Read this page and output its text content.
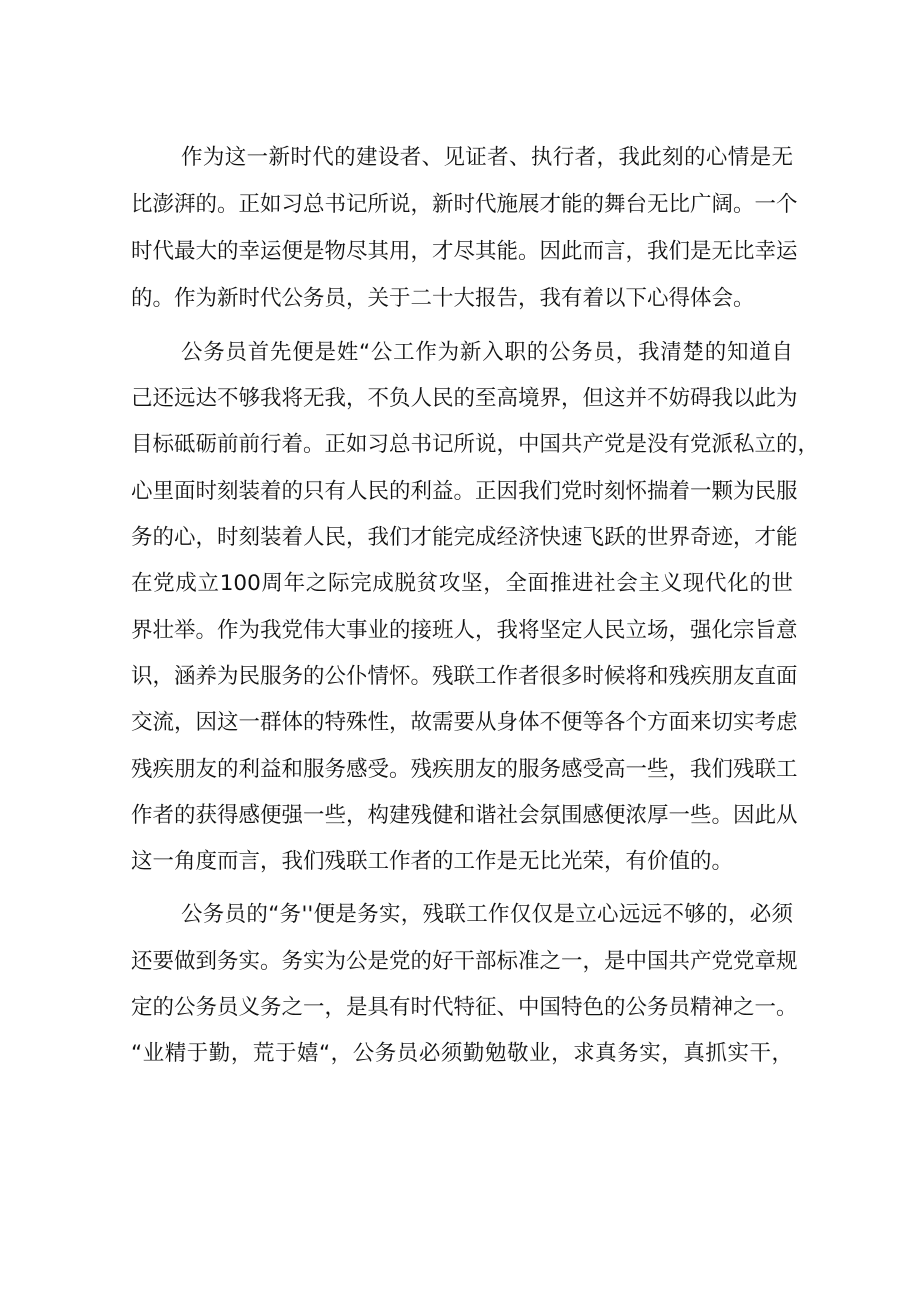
作为这一新时代的建设者、见证者、执行者，我此刻的心情是无
比澎湃的。正如习总书记所说，新时代施展才能的舞台无比广阔。一个
时代最大的幸运便是物尽其用，才尽其能。因此而言，我们是无比幸运
的。作为新时代公务员，关于二十大报告，我有着以下心得体会。
公务员首先便是姓“公工作为新入职的公务员，我清楚的知道自
己还远达不够我将无我，不负人民的至高境界，但这并不妨碍我以此为
目标砥砺前前行着。正如习总书记所说，中国共产党是没有党派私立的，
心里面时刻装着的只有人民的利益。正因我们党时刻怀揣着一颗为民服
务的心，时刻装着人民，我们才能完成经济快速飞跃的世界奇迹，才能
在党成立100周年之际完成脱贫攻坚，全面推进社会主义现代化的世
界壮举。作为我党伟大事业的接班人，我将坚定人民立场，强化宗旨意
识，涵养为民服务的公仆情怀。残联工作者很多时候将和残疾朋友直面
交流，因这一群体的特殊性，故需要从身体不便等各个方面来切实考虑
残疾朋友的利益和服务感受。残疾朋友的服务感受高一些，我们残联工
作者的获得感便强一些，构建残健和谐社会氛围感便浓厚一些。因此从
这一角度而言，我们残联工作者的工作是无比光荣，有价值的。
公务员的“务''便是务实，残联工作仅仅是立心远远不够的，必须
还要做到务实。务实为公是党的好干部标准之一，是中国共产党党章规
定的公务员义务之一，是具有时代特征、中国特色的公务员精神之一。
“业精于勤，荒于嬉“，公务员必须勤勉敬业，求真务实，真抓实干，
